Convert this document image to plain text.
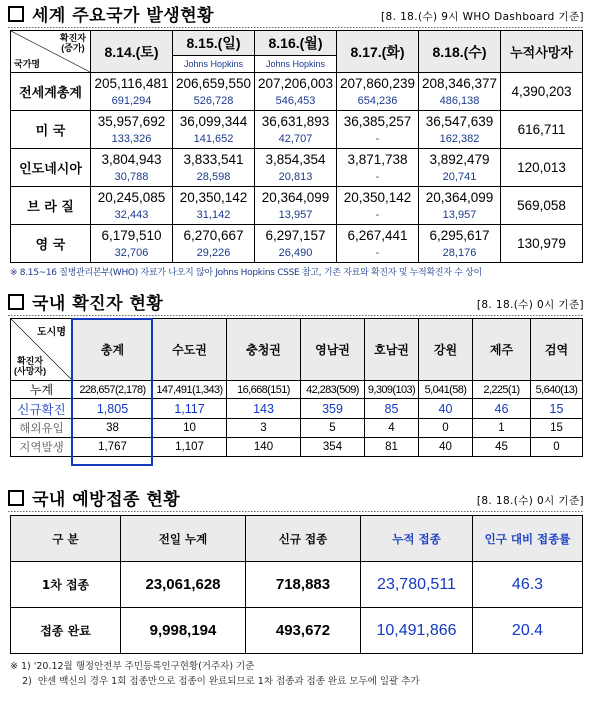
세계 주요국가 발생현황	[8. 18.(수) 9시 WHO Dashboard 기준]
확진자
(증가)
국가명	8.14.(토)	8.15.(일)	8.16.(월)	8.17.(화)	8.18.(수)	누적사망자
		Johns Hopkins	Johns Hopkins			
전세계총계	205,116,481	206,659,550	207,206,003	207,860,239	208,346,377	4,390,203
	691,294	526,728	546,453	654,236	486,138	
미 국	35,957,692	36,099,344	36,631,893	36,385,257	36,547,639	616,711
	133,326	141,652	42,707	-	162,382	
인도네시아	3,804,943	3,833,541	3,854,354	3,871,738	3,892,479	120,013
	30,788	28,598	20,813	-	20,741	
브 라 질	20,245,085	20,350,142	20,364,099	20,350,142	20,364,099	569,058
	32,443	31,142	13,957	-	13,957	
영 국	6,179,510	6,270,667	6,297,157	6,267,441	6,295,617	130,979
	32,706	29,226	26,490	-	28,176	
※ 8.15~16 질병관리본부(WHO) 자료가 나오지 않아 Johns Hopkins CSSE 참고, 기존 자료와 확진자 및 누적확진자 수 상이
국내 확진자 현황	[8. 18.(수) 0시 기준]
도시명
확진자
(사망자)	총계	수도권	충청권	영남권	호남권	강원	제주	검역
누계	228,657(2,178)	147,491(1,343)	16,668(151)	42,283(509)	9,309(103)	5,041(58)	2,225(1)	5,640(13)
신규확진	1,805	1,117	143	359	85	40	46	15
해외유입	38	10	3	5	4	0	1	15
지역발생	1,767	1,107	140	354	81	40	45	0
국내 예방접종 현황	[8. 18.(수) 0시 기준]
구 분	전일 누계	신규 접종	누적 접종	인구 대비 접종률
1차 접종	23,061,628	718,883	23,780,511	46.3
접종 완료	9,998,194	493,672	10,491,866	20.4
※ 1) '20.12월 행정안전부 주민등록인구현황(거주자) 기준
2)  얀센 백신의 경우 1회 접종만으로 접종이 완료되므로 1차 접종과 접종 완료 모두에 일괄 추가
